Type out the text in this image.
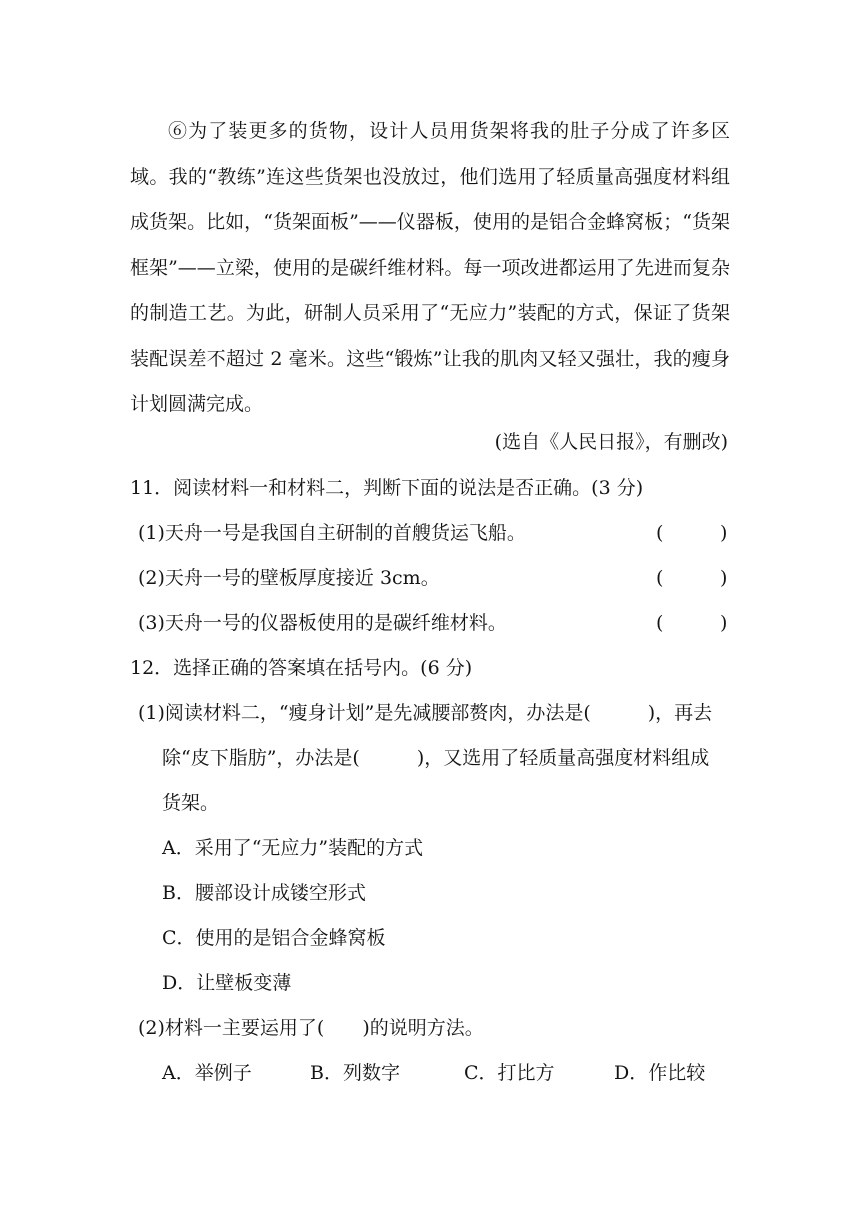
⑥为了装更多的货物，设计人员用货架将我的肚子分成了许多区域。我的“教练”连这些货架也没放过，他们选用了轻质量高强度材料组成货架。比如，“货架面板”——仪器板，使用的是铝合金蜂窝板；“货架框架”——立梁，使用的是碳纤维材料。每一项改进都运用了先进而复杂的制造工艺。为此，研制人员采用了“无应力”装配的方式，保证了货架装配误差不超过 2 毫米。这些“锻炼”让我的肌肉又轻又强壮，我的瘦身计划圆满完成。

(选自《人民日报》，有删改)
11．阅读材料一和材料二，判断下面的说法是否正确。(3 分)
(1)天舟一号是我国自主研制的首艘货运飞船。	(	)
(2)天舟一号的壁板厚度接近 3cm。	(	)
(3)天舟一号的仪器板使用的是碳纤维材料。	(	)
12．选择正确的答案填在括号内。(6 分)
(1)阅读材料二，“瘦身计划”是先减腰部赘肉，办法是(　　　)，再去
除“皮下脂肪”，办法是(　　　)，又选用了轻质量高强度材料组成
货架。
A．采用了“无应力”装配的方式
B．腰部设计成镂空形式
C．使用的是铝合金蜂窝板
D．让壁板变薄
(2)材料一主要运用了(　　)的说明方法。
A．举例子	B．列数字	C．打比方	D．作比较
